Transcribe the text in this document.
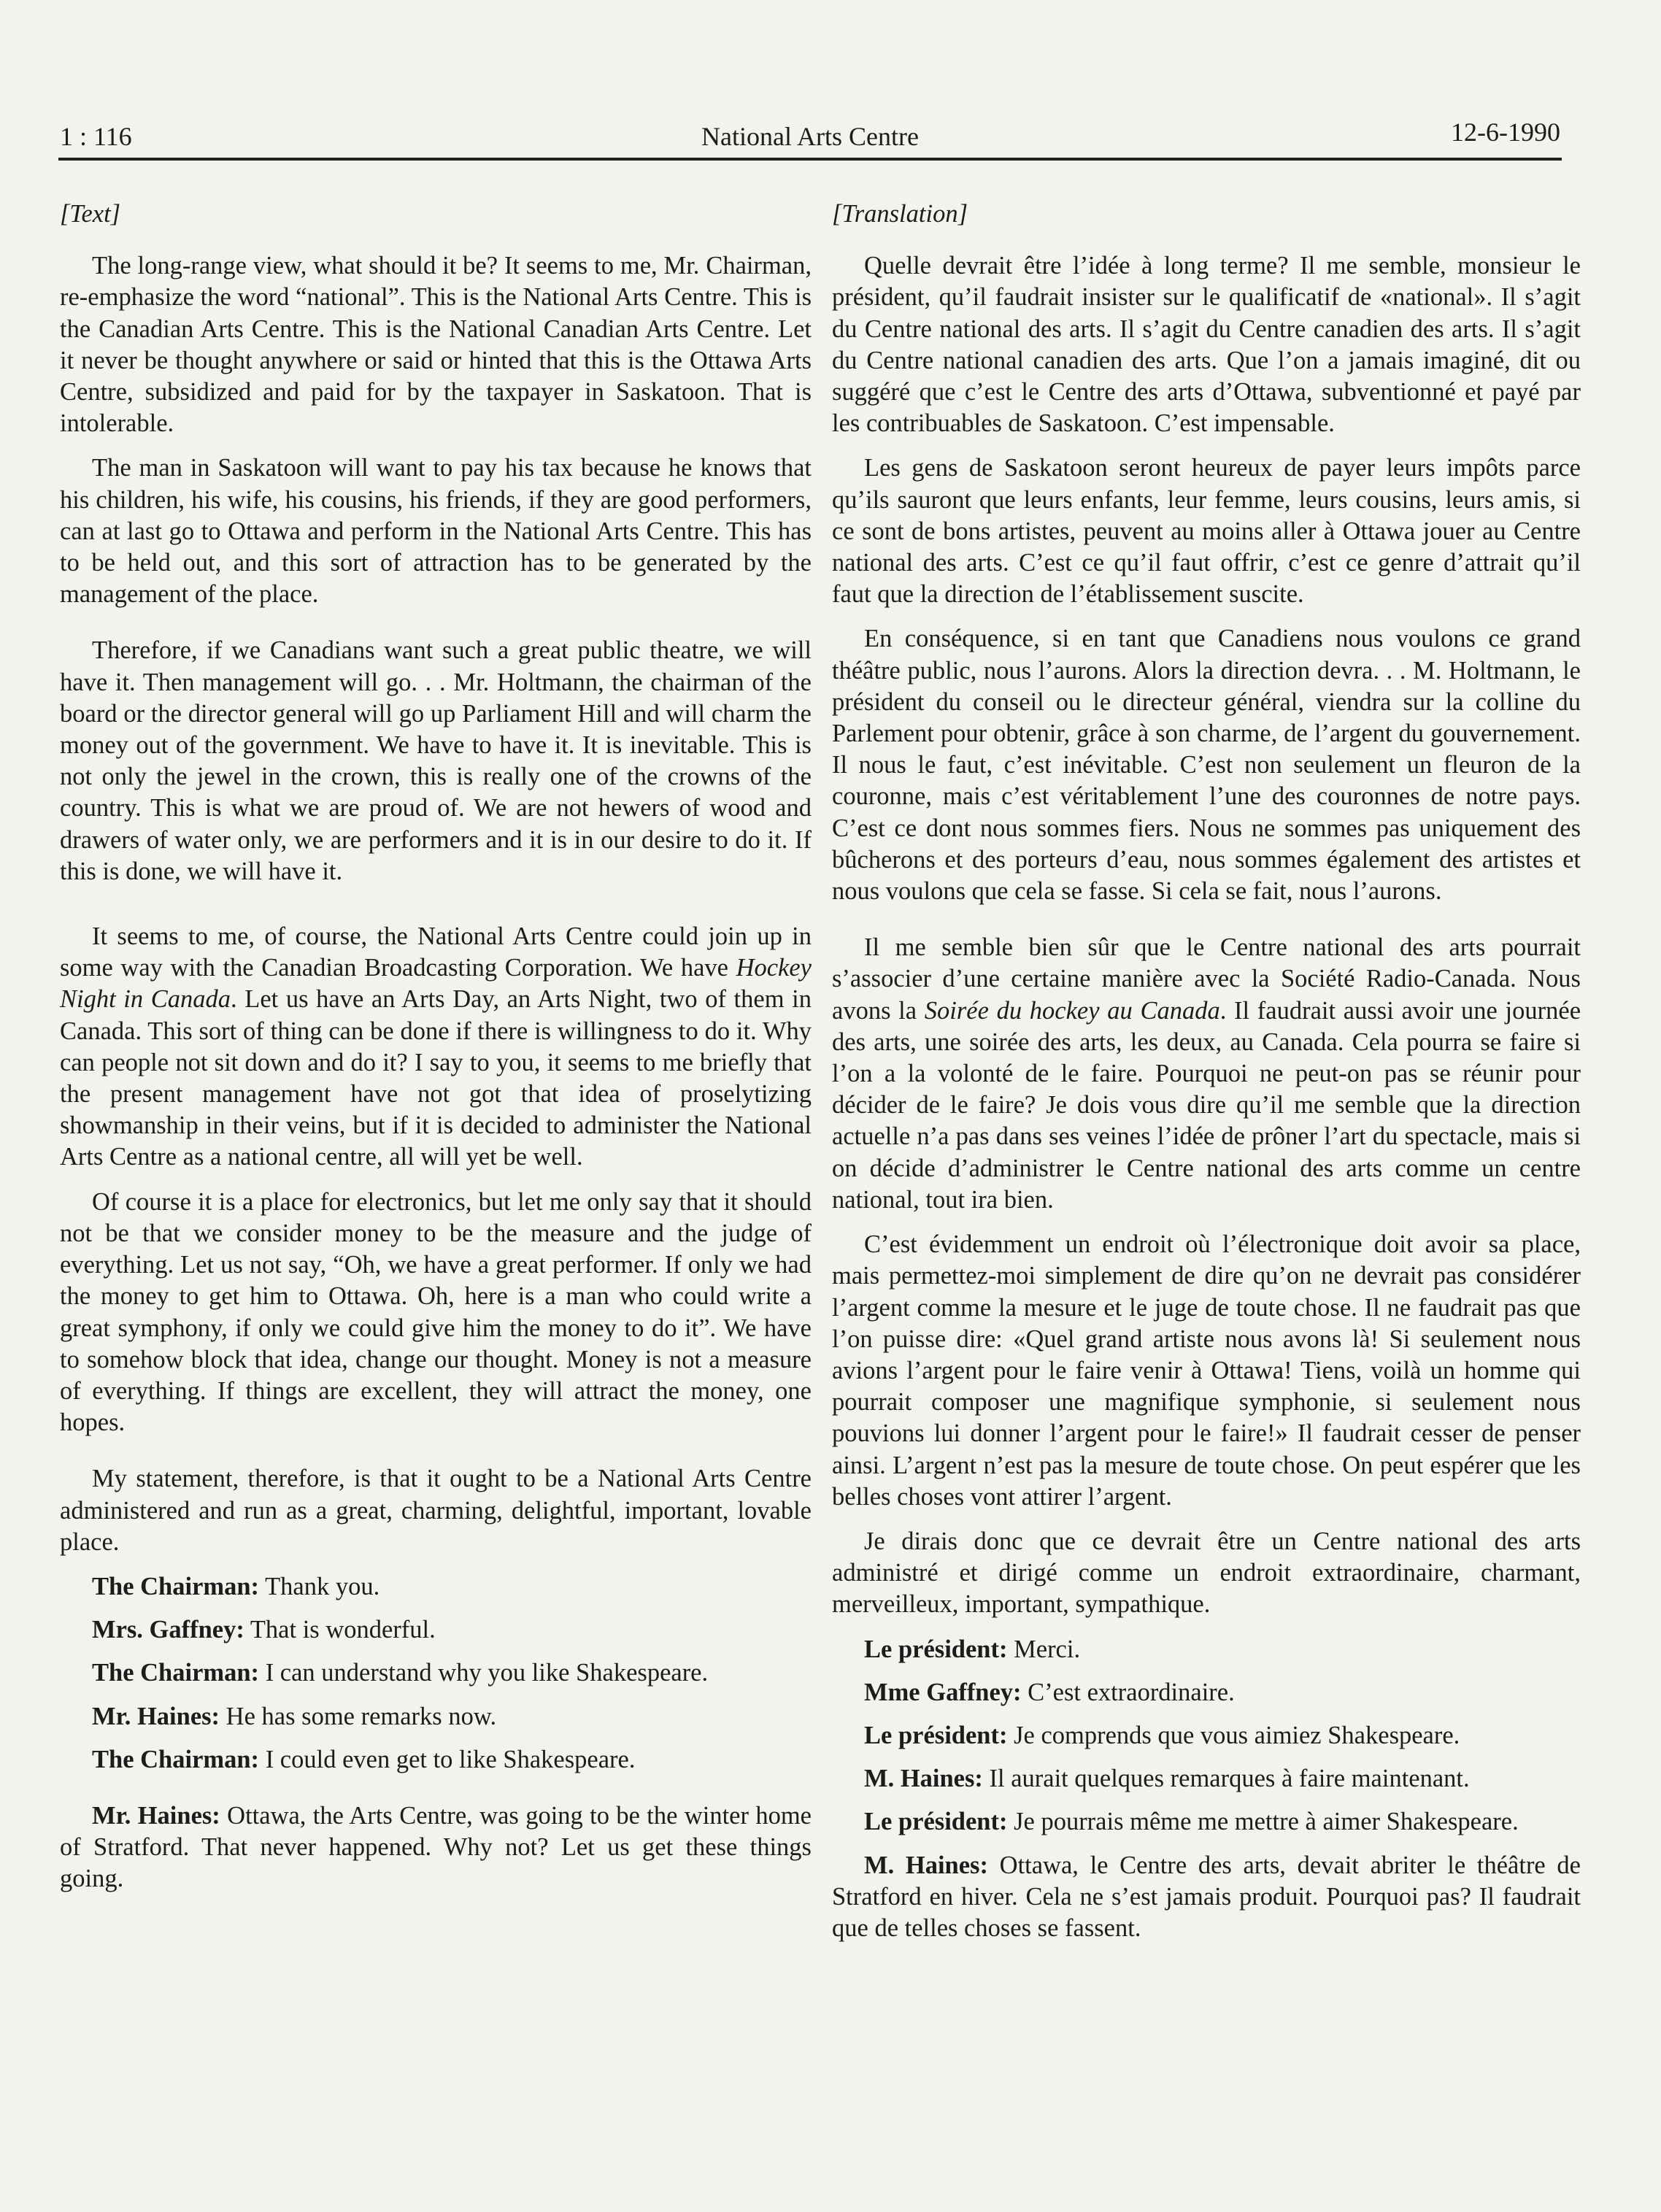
1 : 116	National Arts Centre	12-6-1990
[Text]

The long-range view, what should it be? It seems to me, Mr. Chairman, re-emphasize the word “national”. This is the National Arts Centre. This is the Canadian Arts Centre. This is the National Canadian Arts Centre. Let it never be thought anywhere or said or hinted that this is the Ottawa Arts Centre, subsidized and paid for by the taxpayer in Saskatoon. That is intolerable.

The man in Saskatoon will want to pay his tax because he knows that his children, his wife, his cousins, his friends, if they are good performers, can at last go to Ottawa and perform in the National Arts Centre. This has to be held out, and this sort of attraction has to be generated by the management of the place.

Therefore, if we Canadians want such a great public theatre, we will have it. Then management will go. . . Mr. Holtmann, the chairman of the board or the director general will go up Parliament Hill and will charm the money out of the government. We have to have it. It is inevitable. This is not only the jewel in the crown, this is really one of the crowns of the country. This is what we are proud of. We are not hewers of wood and drawers of water only, we are performers and it is in our desire to do it. If this is done, we will have it.

It seems to me, of course, the National Arts Centre could join up in some way with the Canadian Broadcasting Corporation. We have Hockey Night in Canada. Let us have an Arts Day, an Arts Night, two of them in Canada. This sort of thing can be done if there is willingness to do it. Why can people not sit down and do it? I say to you, it seems to me briefly that the present management have not got that idea of proselytizing showmanship in their veins, but if it is decided to administer the National Arts Centre as a national centre, all will yet be well.

Of course it is a place for electronics, but let me only say that it should not be that we consider money to be the measure and the judge of everything. Let us not say, “Oh, we have a great performer. If only we had the money to get him to Ottawa. Oh, here is a man who could write a great symphony, if only we could give him the money to do it”. We have to somehow block that idea, change our thought. Money is not a measure of everything. If things are excellent, they will attract the money, one hopes.

My statement, therefore, is that it ought to be a National Arts Centre administered and run as a great, charming, delightful, important, lovable place.

The Chairman: Thank you.

Mrs. Gaffney: That is wonderful.

The Chairman: I can understand why you like Shakespeare.

Mr. Haines: He has some remarks now.

The Chairman: I could even get to like Shakespeare.

Mr. Haines: Ottawa, the Arts Centre, was going to be the winter home of Stratford. That never happened. Why not? Let us get these things going.

[Translation]

Quelle devrait être l’idée à long terme? Il me semble, monsieur le président, qu’il faudrait insister sur le qualificatif de «national». Il s’agit du Centre national des arts. Il s’agit du Centre canadien des arts. Il s’agit du Centre national canadien des arts. Que l’on a jamais imaginé, dit ou suggéré que c’est le Centre des arts d’Ottawa, subventionné et payé par les contribuables de Saskatoon. C’est impensable.

Les gens de Saskatoon seront heureux de payer leurs impôts parce qu’ils sauront que leurs enfants, leur femme, leurs cousins, leurs amis, si ce sont de bons artistes, peuvent au moins aller à Ottawa jouer au Centre national des arts. C’est ce qu’il faut offrir, c’est ce genre d’attrait qu’il faut que la direction de l’établissement suscite.

En conséquence, si en tant que Canadiens nous voulons ce grand théâtre public, nous l’aurons. Alors la direction devra. . . M. Holtmann, le président du conseil ou le directeur général, viendra sur la colline du Parlement pour obtenir, grâce à son charme, de l’argent du gouvernement. Il nous le faut, c’est inévitable. C’est non seulement un fleuron de la couronne, mais c’est véritablement l’une des couronnes de notre pays. C’est ce dont nous sommes fiers. Nous ne sommes pas uniquement des bûcherons et des porteurs d’eau, nous sommes également des artistes et nous voulons que cela se fasse. Si cela se fait, nous l’aurons.

Il me semble bien sûr que le Centre national des arts pourrait s’associer d’une certaine manière avec la Société Radio-Canada. Nous avons la Soirée du hockey au Canada. Il faudrait aussi avoir une journée des arts, une soirée des arts, les deux, au Canada. Cela pourra se faire si l’on a la volonté de le faire. Pourquoi ne peut-on pas se réunir pour décider de le faire? Je dois vous dire qu’il me semble que la direction actuelle n’a pas dans ses veines l’idée de prôner l’art du spectacle, mais si on décide d’administrer le Centre national des arts comme un centre national, tout ira bien.

C’est évidemment un endroit où l’électronique doit avoir sa place, mais permettez-moi simplement de dire qu’on ne devrait pas considérer l’argent comme la mesure et le juge de toute chose. Il ne faudrait pas que l’on puisse dire: «Quel grand artiste nous avons là! Si seulement nous avions l’argent pour le faire venir à Ottawa! Tiens, voilà un homme qui pourrait composer une magnifique symphonie, si seulement nous pouvions lui donner l’argent pour le faire!» Il faudrait cesser de penser ainsi. L’argent n’est pas la mesure de toute chose. On peut espérer que les belles choses vont attirer l’argent.

Je dirais donc que ce devrait être un Centre national des arts administré et dirigé comme un endroit extraordinaire, charmant, merveilleux, important, sympathique.

Le président: Merci.

Mme Gaffney: C’est extraordinaire.

Le président: Je comprends que vous aimiez Shakespeare.

M. Haines: Il aurait quelques remarques à faire maintenant.

Le président: Je pourrais même me mettre à aimer Shakespeare.

M. Haines: Ottawa, le Centre des arts, devait abriter le théâtre de Stratford en hiver. Cela ne s’est jamais produit. Pourquoi pas? Il faudrait que de telles choses se fassent.
